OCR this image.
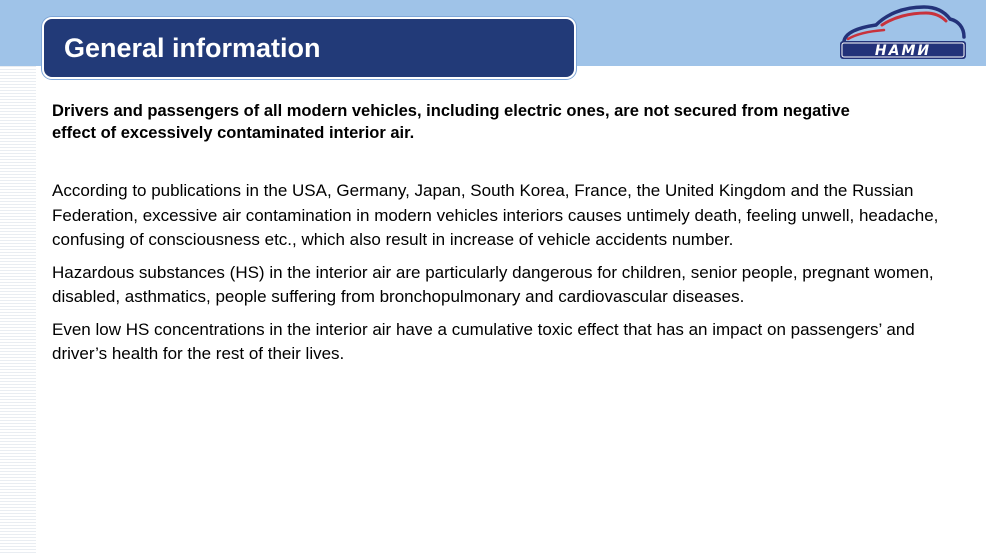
General information	НАМИ

Drivers and passengers of all modern vehicles, including electric ones, are not secured from negative effect of excessively contaminated interior air.

According to publications in the USA, Germany, Japan, South Korea, France, the United Kingdom and the Russian Federation, excessive air contamination in modern vehicles interiors causes untimely death, feeling unwell, headache, confusing of consciousness etc., which also result in increase of vehicle accidents number.

Hazardous substances (HS) in the interior air are particularly dangerous for children, senior people, pregnant women, disabled, asthmatics, people suffering from bronchopulmonary and cardiovascular diseases.

Even low HS concentrations in the interior air have a cumulative toxic effect that has an impact on passengers’ and driver’s health for the rest of their lives.
